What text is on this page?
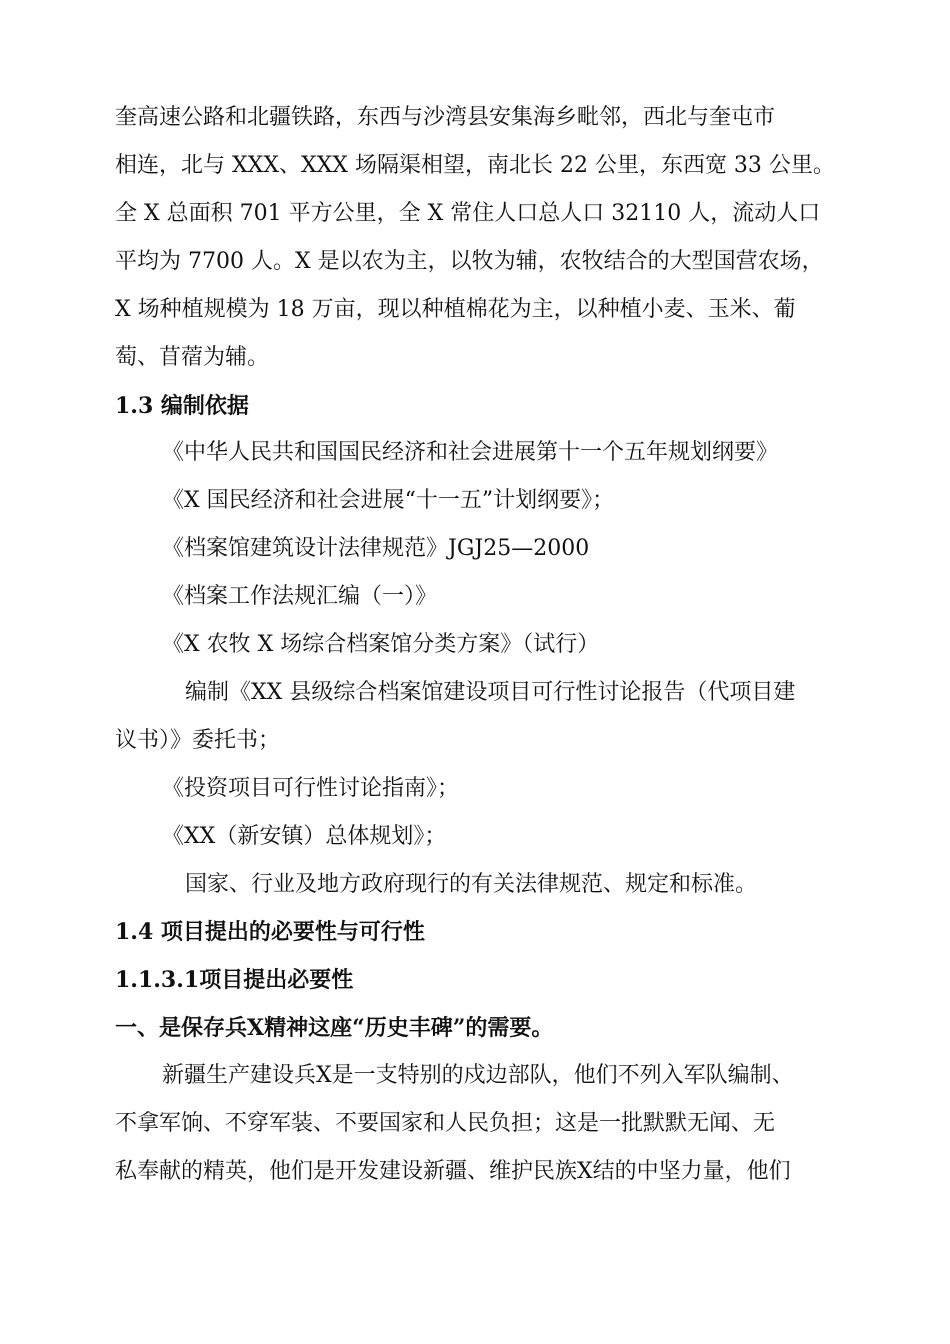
奎高速公路和北疆铁路，东西与沙湾县安集海乡毗邻，西北与奎屯市
相连，北与 XXX、XXX 场隔渠相望，南北长 22 公里，东西宽 33 公里。
全 X 总面积 701 平方公里，全 X 常住人口总人口 32110 人，流动人口
平均为 7700 人。X 是以农为主，以牧为辅，农牧结合的大型国营农场，
X 场种植规模为 18 万亩，现以种植棉花为主，以种植小麦、玉米、葡
萄、苜蓿为辅。
1.3 编制依据
《中华人民共和国国民经济和社会进展第十一个五年规划纲要》
《X 国民经济和社会进展“十一五”计划纲要》；
《档案馆建筑设计法律规范》JGJ25—2000
《档案工作法规汇编（一）》
《X 农牧 X 场综合档案馆分类方案》（试行）
编制《XX 县级综合档案馆建设项目可行性讨论报告（代项目建
议书）》委托书；
《投资项目可行性讨论指南》；
《XX（新安镇）总体规划》；
国家、行业及地方政府现行的有关法律规范、规定和标准。
1.4 项目提出的必要性与可行性
1.1.3.1项目提出必要性
一、是保存兵X精神这座“历史丰碑”的需要。
新疆生产建设兵X是一支特别的戍边部队，他们不列入军队编制、
不拿军饷、不穿军装、不要国家和人民负担；这是一批默默无闻、无
私奉献的精英，他们是开发建设新疆、维护民族X结的中坚力量，他们
